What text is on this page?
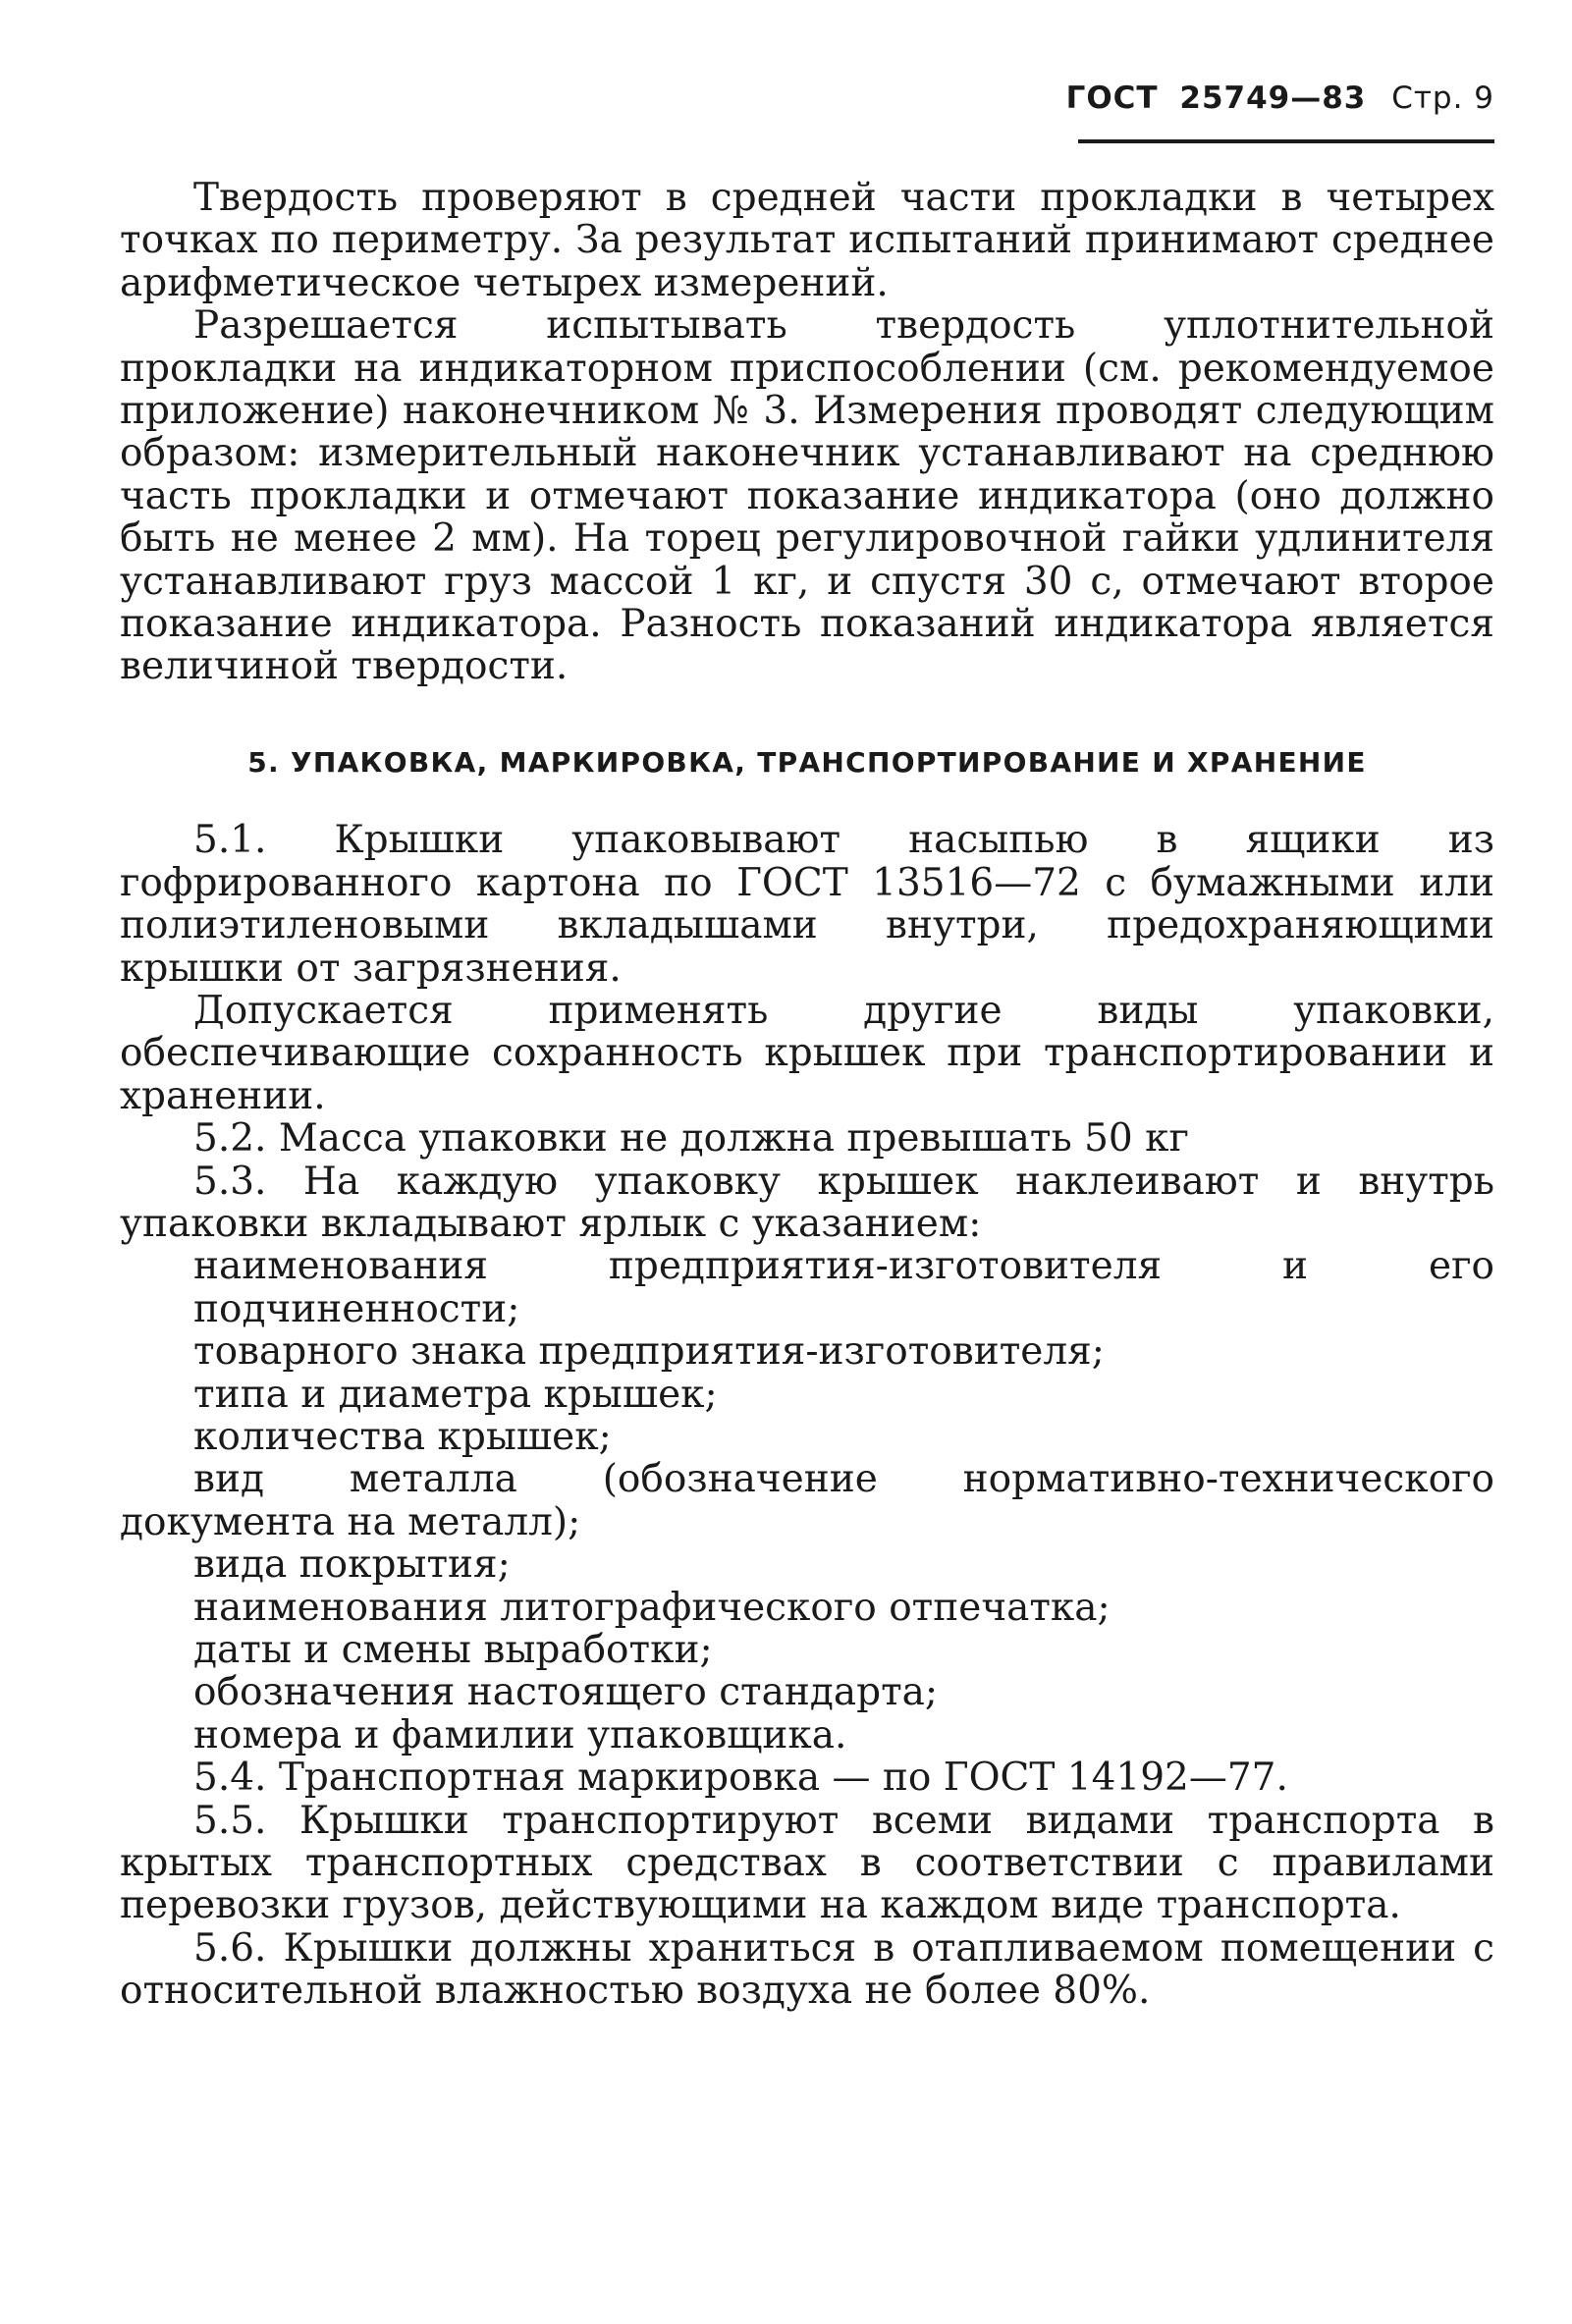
ГОСТ 25749—83 Стр. 9

Твердость проверяют в средней части прокладки в четырех точках по периметру. За результат испытаний принимают среднее арифметическое четырех измерений.

Разрешается испытывать твердость уплотнительной прокладки на индикаторном приспособлении (см. рекомендуемое приложение) наконечником № 3. Измерения проводят следующим образом: измерительный наконечник устанавливают на среднюю часть прокладки и отмечают показание индикатора (оно должно быть не менее 2 мм). На торец регулировочной гайки удлинителя устанавливают груз массой 1 кг, и спустя 30 с, отмечают второе показание индикатора. Разность показаний индикатора является величиной твердости.

5. УПАКОВКА, МАРКИРОВКА, ТРАНСПОРТИРОВАНИЕ И ХРАНЕНИЕ

5.1. Крышки упаковывают насыпью в ящики из гофрированного картона по ГОСТ 13516—72 с бумажными или полиэтиленовыми вкладышами внутри, предохраняющими крышки от загрязнения.

Допускается применять другие виды упаковки, обеспечивающие сохранность крышек при транспортировании и хранении.

5.2. Масса упаковки не должна превышать 50 кг

5.3. На каждую упаковку крышек наклеивают и внутрь упаковки вкладывают ярлык с указанием:

наименования предприятия-изготовителя и его подчиненности;

товарного знака предприятия-изготовителя;

типа и диаметра крышек;

количества крышек;

вид металла (обозначение нормативно-технического документа на металл);

вида покрытия;

наименования литографического отпечатка;

даты и смены выработки;

обозначения настоящего стандарта;

номера и фамилии упаковщика.

5.4. Транспортная маркировка — по ГОСТ 14192—77.

5.5. Крышки транспортируют всеми видами транспорта в крытых транспортных средствах в соответствии с правилами перевозки грузов, действующими на каждом виде транспорта.

5.6. Крышки должны храниться в отапливаемом помещении с относительной влажностью воздуха не более 80%.
